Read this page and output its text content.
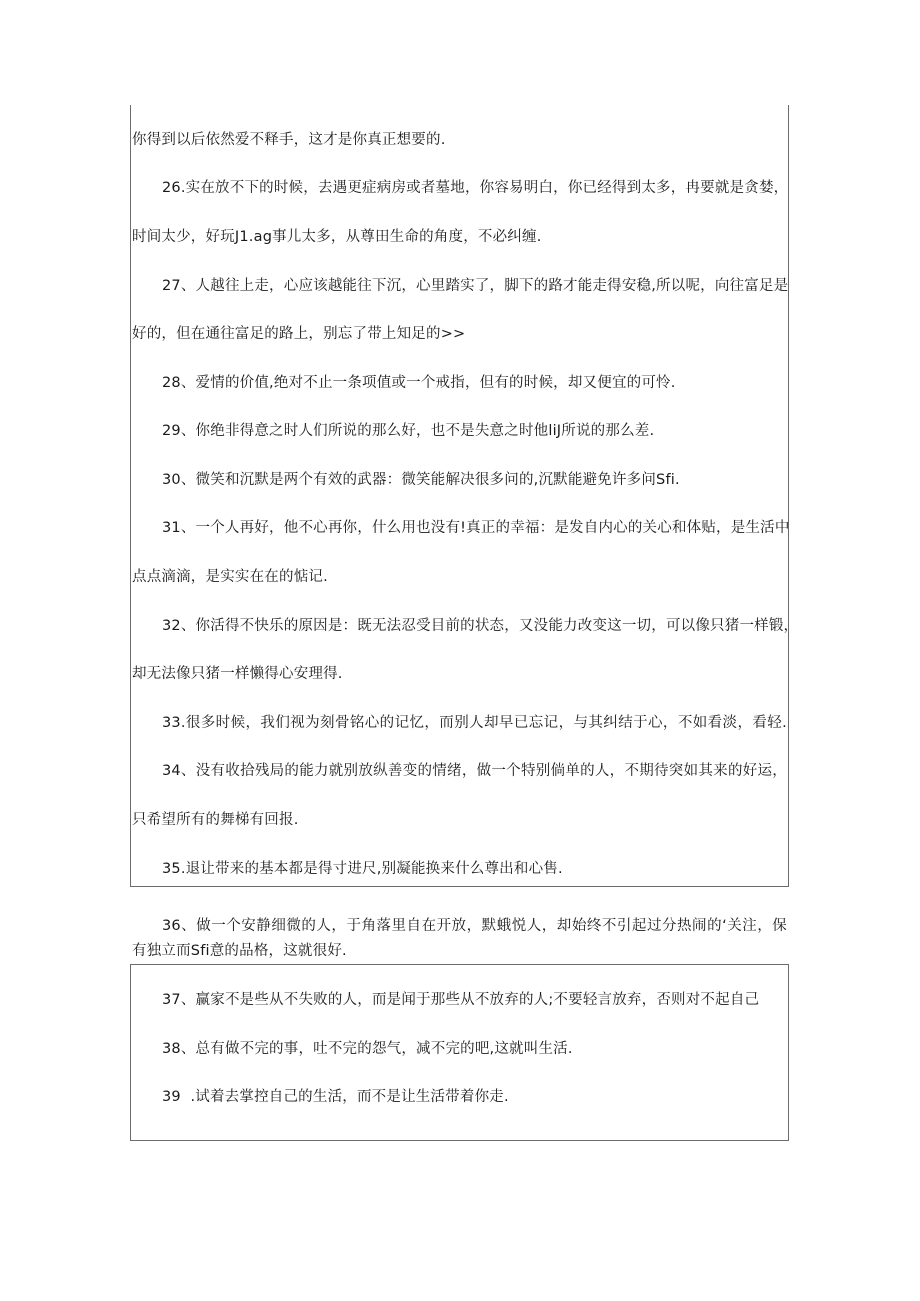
你得到以后依然爱不释手，这才是你真正想要的.
26.实在放不下的时候，去遇更症病房或者墓地，你容易明白，你已经得到太多，冉要就是贪婪，
时间太少，好玩J1.ag事儿太多，从尊田生命的角度，不必纠缠.
27、人越往上走，心应该越能往下沉，心里踏实了，脚下的路才能走得安稳,所以呢，向往富足是
好的，但在通往富足的路上，别忘了带上知足的>>
28、爱情的价值,绝对不止一条项值或一个戒指，但有的时候，却又便宜的可怜.
29、你绝非得意之时人们所说的那么好，也不是失意之时他liJ所说的那么差.
30、微笑和沉默是两个有效的武器：微笑能解决很多问的,沉默能避免许多问Sfi.
31、一个人再好，他不心再你，什么用也没有!真正的幸福：是发自内心的关心和体贴，是生活中
点点滴滴，是实实在在的惦记.
32、你活得不快乐的原因是：既无法忍受目前的状态，又没能力改变这一切，可以像只猪一样锻，
却无法像只猪一样懒得心安理得.
33.很多时候，我们视为刻骨铭心的记忆，而别人却早已忘记，与其纠结于心，不如看淡，看轻.
34、没有收拾残局的能力就别放纵善变的情绪，做一个特别倘单的人，不期待突如其来的好运，
只希望所有的舞梯有回报.
35.退让带来的基本都是得寸进尺,别凝能换来什么尊出和心售.
36、做一个安静细微的人，于角落里自在开放，默蛾悦人，却始终不引起过分热闹的‘关注，保
有独立而Sfi意的品格，这就很好.
37、赢家不是些从不失败的人，而是闻于那些从不放弃的人;不要轻言放弃，否则对不起自己
38、总有做不完的事，吐不完的怨气，减不完的吧,这就叫生活.
39  .试着去掌控自己的生活，而不是让生活带着你走.
